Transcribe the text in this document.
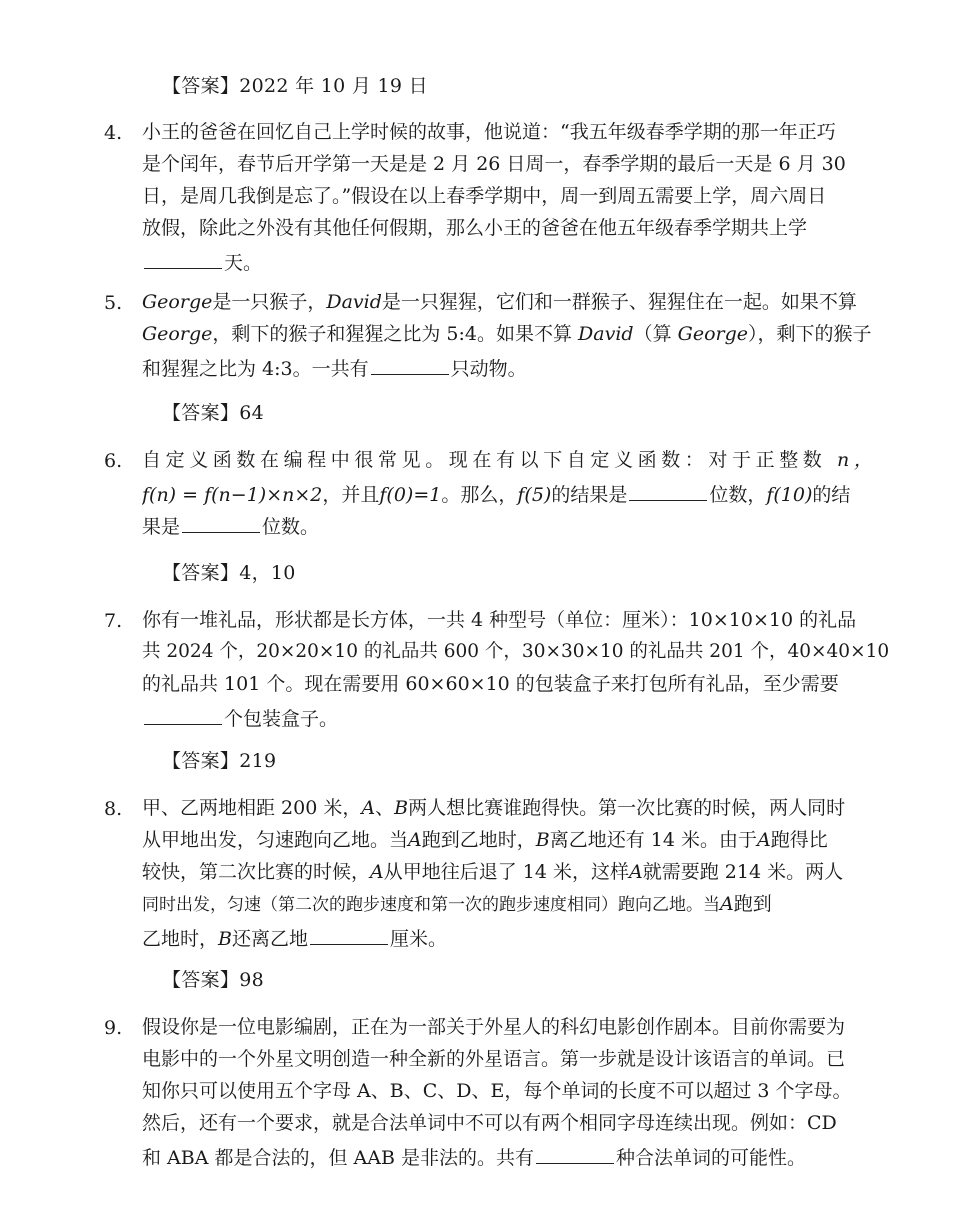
【答案】2022 年 10 月 19 日
4. 小王的爸爸在回忆自己上学时候的故事，他说道：“我五年级春季学期的那一年正巧
是个闰年，春节后开学第一天是是 2 月 26 日周一，春季学期的最后一天是 6 月 30
日，是周几我倒是忘了。”假设在以上春季学期中，周一到周五需要上学，周六周日
放假，除此之外没有其他任何假期，那么小王的爸爸在他五年级春季学期共上学
天。
5. George是一只猴子，David是一只猩猩，它们和一群猴子、猩猩住在一起。如果不算
George，剩下的猴子和猩猩之比为 5:4。如果不算 David（算 George），剩下的猴子
和猩猩之比为 4:3。一共有	只动物。
【答案】64
6. 自定义函数在编程中很常见。现在有以下自定义函数：对于正整数 n，
f(n) = f(n−1)×n×2，并且f(0)=1。那么，f(5)的结果是	位数，f(10)的结
果是	位数。
【答案】4，10
7. 你有一堆礼品，形状都是长方体，一共 4 种型号（单位：厘米）：10×10×10 的礼品
共 2024 个，20×20×10 的礼品共 600 个，30×30×10 的礼品共 201 个，40×40×10
的礼品共 101 个。现在需要用 60×60×10 的包装盒子来打包所有礼品，至少需要
个包装盒子。
【答案】219
8. 甲、乙两地相距 200 米，A、B两人想比赛谁跑得快。第一次比赛的时候，两人同时
从甲地出发，匀速跑向乙地。当A跑到乙地时，B离乙地还有 14 米。由于A跑得比
较快，第二次比赛的时候，A从甲地往后退了 14 米，这样A就需要跑 214 米。两人
同时出发，匀速（第二次的跑步速度和第一次的跑步速度相同）跑向乙地。当A跑到
乙地时，B还离乙地	厘米。
【答案】98
9. 假设你是一位电影编剧，正在为一部关于外星人的科幻电影创作剧本。目前你需要为
电影中的一个外星文明创造一种全新的外星语言。第一步就是设计该语言的单词。已
知你只可以使用五个字母 A、B、C、D、E，每个单词的长度不可以超过 3 个字母。
然后，还有一个要求，就是合法单词中不可以有两个相同字母连续出现。例如：CD
和 ABA 都是合法的，但 AAB 是非法的。共有	种合法单词的可能性。
